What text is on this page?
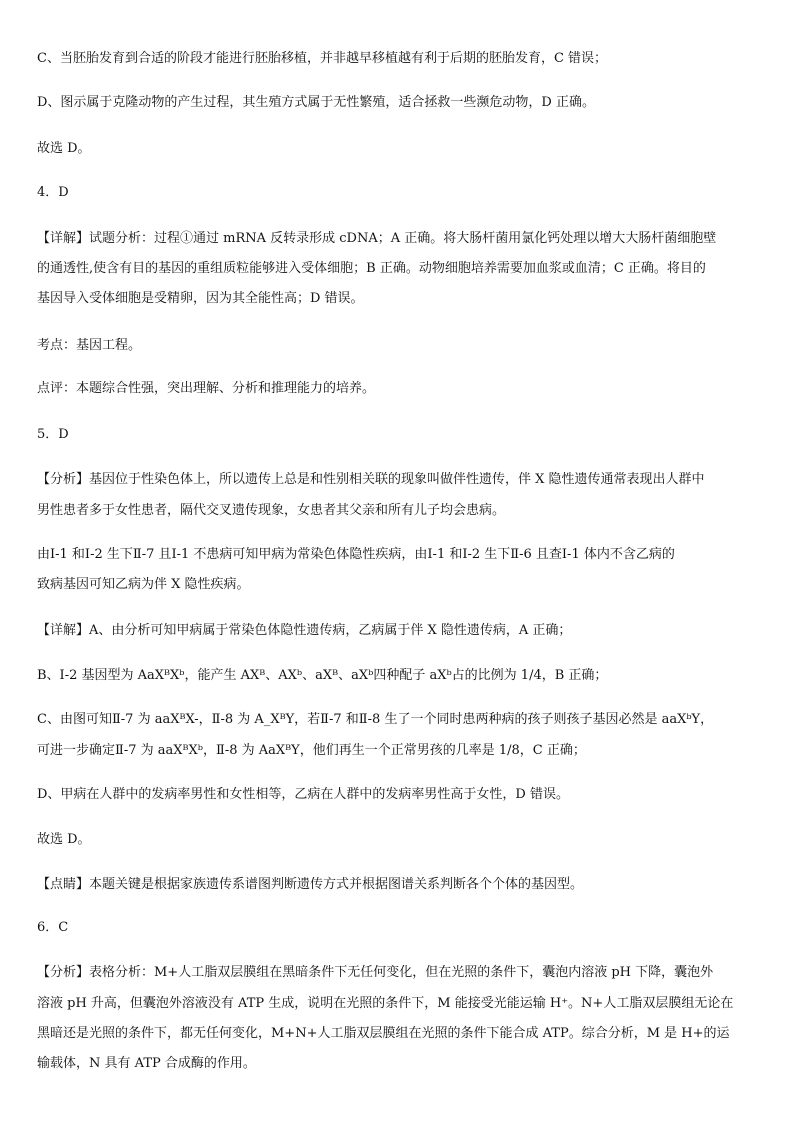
C、当胚胎发育到合适的阶段才能进行胚胎移植，并非越早移植越有利于后期的胚胎发育，C 错误；
D、图示属于克隆动物的产生过程，其生殖方式属于无性繁殖，适合拯救一些濒危动物，D 正确。
故选 D。
4．D
【详解】试题分析：过程①通过 mRNA 反转录形成 cDNA；A 正确。将大肠杆菌用氯化钙处理以增大大肠杆菌细胞壁
的通透性,使含有目的基因的重组质粒能够进入受体细胞；B 正确。动物细胞培养需要加血浆或血清；C 正确。将目的
基因导入受体细胞是受精卵，因为其全能性高；D 错误。
考点：基因工程。
点评：本题综合性强，突出理解、分析和推理能力的培养。
5．D
【分析】基因位于性染色体上，所以遗传上总是和性别相关联的现象叫做伴性遗传，伴 X 隐性遗传通常表现出人群中
男性患者多于女性患者，隔代交叉遗传现象，女患者其父亲和所有儿子均会患病。
由Ⅰ-1 和Ⅰ-2 生下Ⅱ-7 且Ⅰ-1 不患病可知甲病为常染色体隐性疾病，由Ⅰ-1 和Ⅰ-2 生下Ⅱ-6 且查Ⅰ-1 体内不含乙病的
致病基因可知乙病为伴 X 隐性疾病。
【详解】A、由分析可知甲病属于常染色体隐性遗传病，乙病属于伴 X 隐性遗传病，A 正确；
B、Ⅰ-2 基因型为 AaXᴮXᵇ，能产生 AXᴮ、AXᵇ、aXᴮ、aXᵇ四种配子 aXᵇ占的比例为 1/4，B 正确；
C、由图可知Ⅱ-7 为 aaXᴮX-，Ⅱ-8 为 A_XᴮY，若Ⅱ-7 和Ⅱ-8 生了一个同时患两种病的孩子则孩子基因必然是 aaXᵇY，
可进一步确定Ⅱ-7 为 aaXᴮXᵇ，Ⅱ-8 为 AaXᴮY，他们再生一个正常男孩的几率是 1/8，C 正确；
D、甲病在人群中的发病率男性和女性相等，乙病在人群中的发病率男性高于女性，D 错误。
故选 D。
【点睛】本题关键是根据家族遗传系谱图判断遗传方式并根据图谱关系判断各个个体的基因型。
6．C
【分析】表格分析：M+人工脂双层膜组在黑暗条件下无任何变化，但在光照的条件下，囊泡内溶液 pH 下降，囊泡外
溶液 pH 升高，但囊泡外溶液没有 ATP 生成，说明在光照的条件下，M 能接受光能运输 H⁺。N+人工脂双层膜组无论在
黑暗还是光照的条件下，都无任何变化，M+N+人工脂双层膜组在光照的条件下能合成 ATP。综合分析，M 是 H+的运
输载体，N 具有 ATP 合成酶的作用。
